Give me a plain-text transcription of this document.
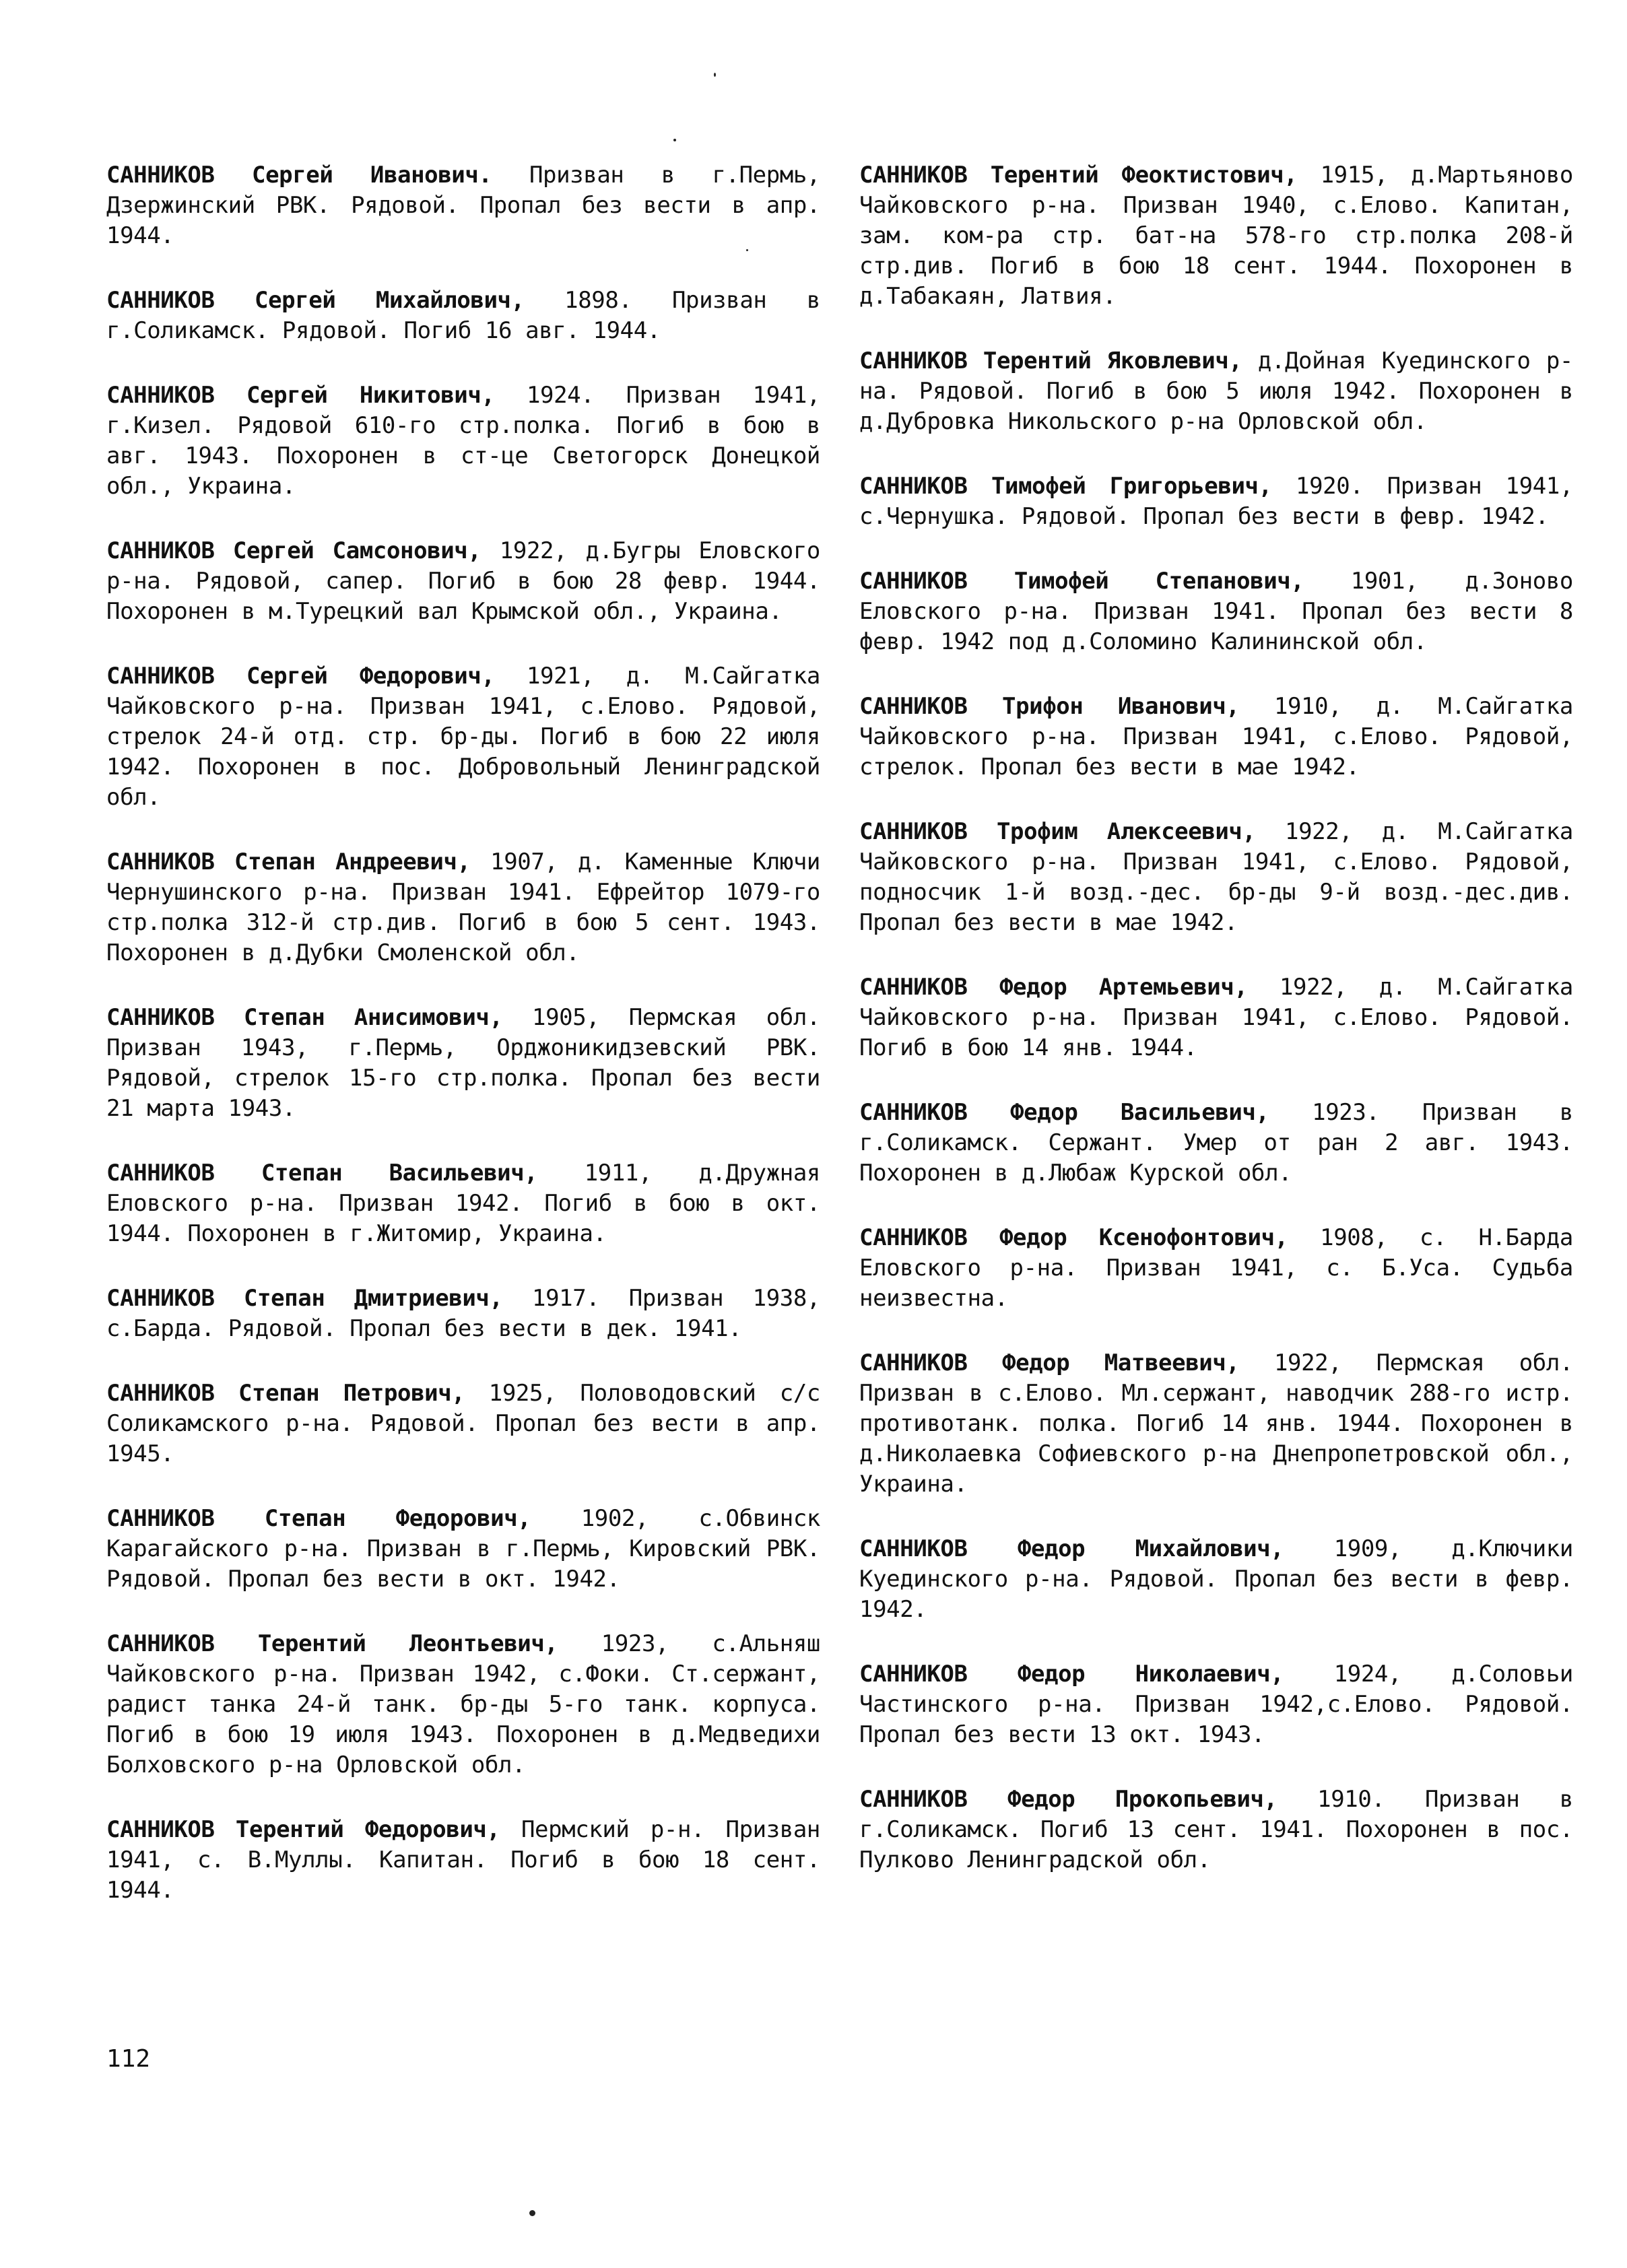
САННИКОВ Сергей Иванович. Призван в г.Пермь, Дзержинский РВК. Рядовой. Пропал без вести в апр. 1944.

САННИКОВ Сергей Михайлович, 1898. Призван в г.Соликамск. Рядовой. Погиб 16 авг. 1944.

САННИКОВ Сергей Никитович, 1924. Призван 1941, г.Кизел. Рядовой 610-го стр.полка. Погиб в бою в авг. 1943. Похоронен в ст-це Светогорск Донецкой обл., Украина.

САННИКОВ Сергей Самсонович, 1922, д.Бугры Еловского р-на. Рядовой, сапер. Погиб в бою 28 февр. 1944. Похоронен в м.Турецкий вал Крымской обл., Украина.

САННИКОВ Сергей Федорович, 1921, д. М.Сайгатка Чайковского р-на. Призван 1941, с.Елово. Рядовой, стрелок 24-й отд. стр. бр-ды. Погиб в бою 22 июля 1942. Похоронен в пос. Добровольный Ленинградской обл.

САННИКОВ Степан Андреевич, 1907, д. Каменные Ключи Чернушинского р-на. Призван 1941. Ефрейтор 1079-го стр.полка 312-й стр.див. Погиб в бою 5 сент. 1943. Похоронен в д.Дубки Смоленской обл.

САННИКОВ Степан Анисимович, 1905, Пермская обл. Призван 1943, г.Пермь, Орджоникидзевский РВК. Рядовой, стрелок 15-го стр.полка. Пропал без вести 21 марта 1943.

САННИКОВ Степан Васильевич, 1911, д.Дружная Еловского р-на. Призван 1942. Погиб в бою в окт. 1944. Похоронен в г.Житомир, Украина.

САННИКОВ Степан Дмитриевич, 1917. Призван 1938, с.Барда. Рядовой. Пропал без вести в дек. 1941.

САННИКОВ Степан Петрович, 1925, Половодовский с/с Соликамского р-на. Рядовой. Пропал без вести в апр. 1945.

САННИКОВ Степан Федорович, 1902, с.Обвинск Карагайского р-на. Призван в г.Пермь, Кировский РВК. Рядовой. Пропал без вести в окт. 1942.

САННИКОВ Терентий Леонтьевич, 1923, с.Альняш Чайковского р-на. Призван 1942, с.Фоки. Ст.сержант, радист танка 24-й танк. бр-ды 5-го танк. корпуса. Погиб в бою 19 июля 1943. Похоронен в д.Медведихи Болховского р-на Орловской обл.

САННИКОВ Терентий Федорович, Пермский р-н. Призван 1941, с. В.Муллы. Капитан. Погиб в бою 18 сент. 1944.

САННИКОВ Терентий Феоктистович, 1915, д.Мартьяново Чайковского р-на. Призван 1940, с.Елово. Капитан, зам. ком-ра стр. бат-на 578-го стр.полка 208-й стр.див. Погиб в бою 18 сент. 1944. Похоронен в д.Табакаян, Латвия.

САННИКОВ Терентий Яковлевич, д.Дойная Куединского р-на. Рядовой. Погиб в бою 5 июля 1942. Похоронен в д.Дубровка Никольского р-на Орловской обл.

САННИКОВ Тимофей Григорьевич, 1920. Призван 1941, с.Чернушка. Рядовой. Пропал без вести в февр. 1942.

САННИКОВ Тимофей Степанович, 1901, д.Зоново Еловского р-на. Призван 1941. Пропал без вести 8 февр. 1942 под д.Соломино Калининской обл.

САННИКОВ Трифон Иванович, 1910, д. М.Сайгатка Чайковского р-на. Призван 1941, с.Елово. Рядовой, стрелок. Пропал без вести в мае 1942.

САННИКОВ Трофим Алексеевич, 1922, д. М.Сайгатка Чайковского р-на. Призван 1941, с.Елово. Рядовой, подносчик 1-й возд.-дес. бр-ды 9-й возд.-дес.див. Пропал без вести в мае 1942.

САННИКОВ Федор Артемьевич, 1922, д. М.Сайгатка Чайковского р-на. Призван 1941, с.Елово. Рядовой. Погиб в бою 14 янв. 1944.

САННИКОВ Федор Васильевич, 1923. Призван в г.Соликамск. Сержант. Умер от ран 2 авг. 1943. Похоронен в д.Любаж Курской обл.

САННИКОВ Федор Ксенофонтович, 1908, с. Н.Барда Еловского р-на. Призван 1941, с. Б.Уса. Судьба неизвестна.

САННИКОВ Федор Матвеевич, 1922, Пермская обл. Призван в с.Елово. Мл.сержант, наводчик 288-го истр. противотанк. полка. Погиб 14 янв. 1944. Похоронен в д.Николаевка Софиевского р-на Днепропетровской обл., Украина.

САННИКОВ Федор Михайлович, 1909, д.Ключики Куединского р-на. Рядовой. Пропал без вести в февр. 1942.

САННИКОВ Федор Николаевич, 1924, д.Соловьи Частинского р-на. Призван 1942,с.Елово. Рядовой. Пропал без вести 13 окт. 1943.

САННИКОВ Федор Прокопьевич, 1910. Призван в г.Соликамск. Погиб 13 сент. 1941. Похоронен в пос. Пулково Ленинградской обл.

112
